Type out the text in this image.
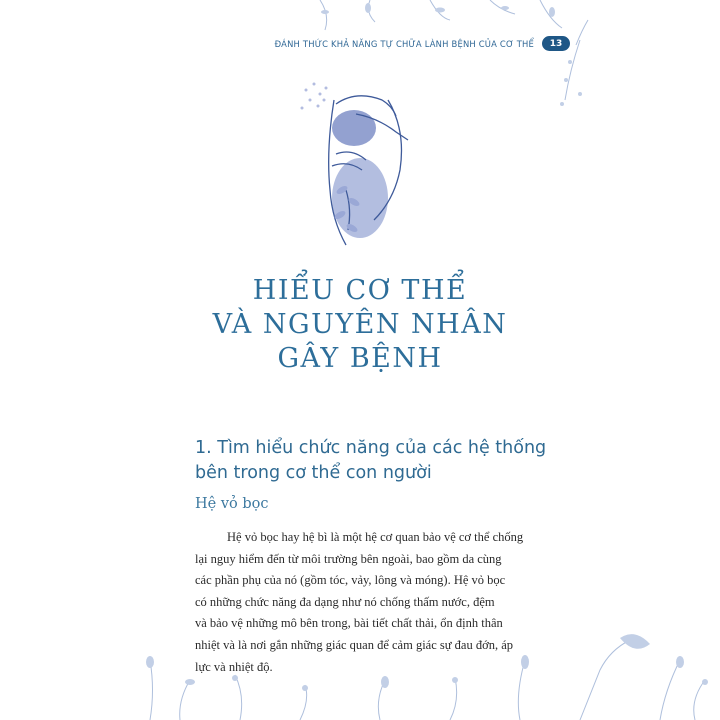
ĐÁNH THỨC KHẢ NĂNG TỰ CHỮA LÀNH BỆNH CỦA CƠ THỂ	13
HIỂU CƠ THỂ
VÀ NGUYÊN NHÂN
GÂY BỆNH
1. Tìm hiểu chức năng của các hệ thống
bên trong cơ thể con người
Hệ vỏ bọc
Hệ vỏ bọc hay hệ bì là một hệ cơ quan bảo vệ cơ thể chống
lại nguy hiểm đến từ môi trường bên ngoài, bao gồm da cùng
các phần phụ của nó (gồm tóc, vảy, lông và móng). Hệ vỏ bọc
có những chức năng đa dạng như nó chống thấm nước, đệm
và bảo vệ những mô bên trong, bài tiết chất thải, ổn định thân
nhiệt và là nơi gắn những giác quan để cảm giác sự đau đớn, áp
lực và nhiệt độ.
